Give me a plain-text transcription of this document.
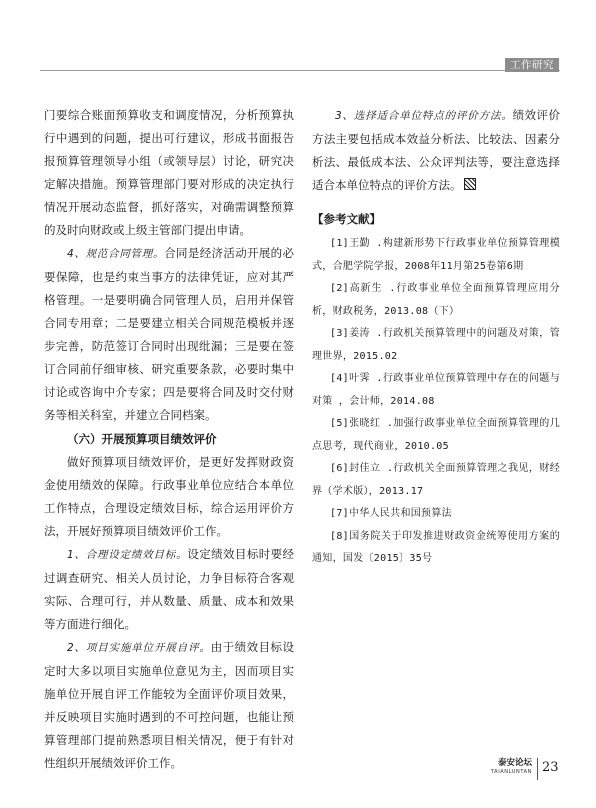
工作研究

门要综合账面预算收支和调度情况，分析预算执行中遇到的问题，提出可行建议，形成书面报告报预算管理领导小组（或领导层）讨论，研究决定解决措施。预算管理部门要对形成的决定执行情况开展动态监督，抓好落实，对确需调整预算的及时向财政或上级主管部门提出申请。

4、规范合同管理。合同是经济活动开展的必要保障，也是约束当事方的法律凭证，应对其严格管理。一是要明确合同管理人员，启用并保管合同专用章；二是要建立相关合同规范模板并逐步完善，防范签订合同时出现纰漏；三是要在签订合同前仔细审核、研究重要条款，必要时集中讨论或咨询中介专家；四是要将合同及时交付财务等相关科室，并建立合同档案。

（六）开展预算项目绩效评价

做好预算项目绩效评价，是更好发挥财政资金使用绩效的保障。行政事业单位应结合本单位工作特点，合理设定绩效目标，综合运用评价方法，开展好预算项目绩效评价工作。

1、合理设定绩效目标。设定绩效目标时要经过调查研究、相关人员讨论，力争目标符合客观实际、合理可行，并从数量、质量、成本和效果等方面进行细化。

2、项目实施单位开展自评。由于绩效目标设定时大多以项目实施单位意见为主，因而项目实施单位开展自评工作能较为全面评价项目效果，并反映项目实施时遇到的不可控问题，也能让预算管理部门提前熟悉项目相关情况，便于有针对性组织开展绩效评价工作。

3、选择适合单位特点的评价方法。绩效评价方法主要包括成本效益分析法、比较法、因素分析法、最低成本法、公众评判法等，要注意选择适合本单位特点的评价方法。

【参考文献】
[1]王勤 .构建新形势下行政事业单位预算管理模式，合肥学院学报，2008年11月第25卷第6期
[2]高新生 .行政事业单位全面预算管理应用分析，财政税务，2013.08（下）
[3]姜涛 .行政机关预算管理中的问题及对策，管理世界，2015.02
[4]叶霁 .行政事业单位预算管理中存在的问题与对策 ，会计师，2014.08
[5]张晓红 .加强行政事业单位全面预算管理的几点思考，现代商业，2010.05
[6]封佳立 .行政机关全面预算管理之我见，财经界（学术版），2013.17
[7]中华人民共和国预算法
[8]国务院关于印发推进财政资金统筹使用方案的通知，国发〔2015〕35号
泰安论坛
TAIANLUNTAN 23
